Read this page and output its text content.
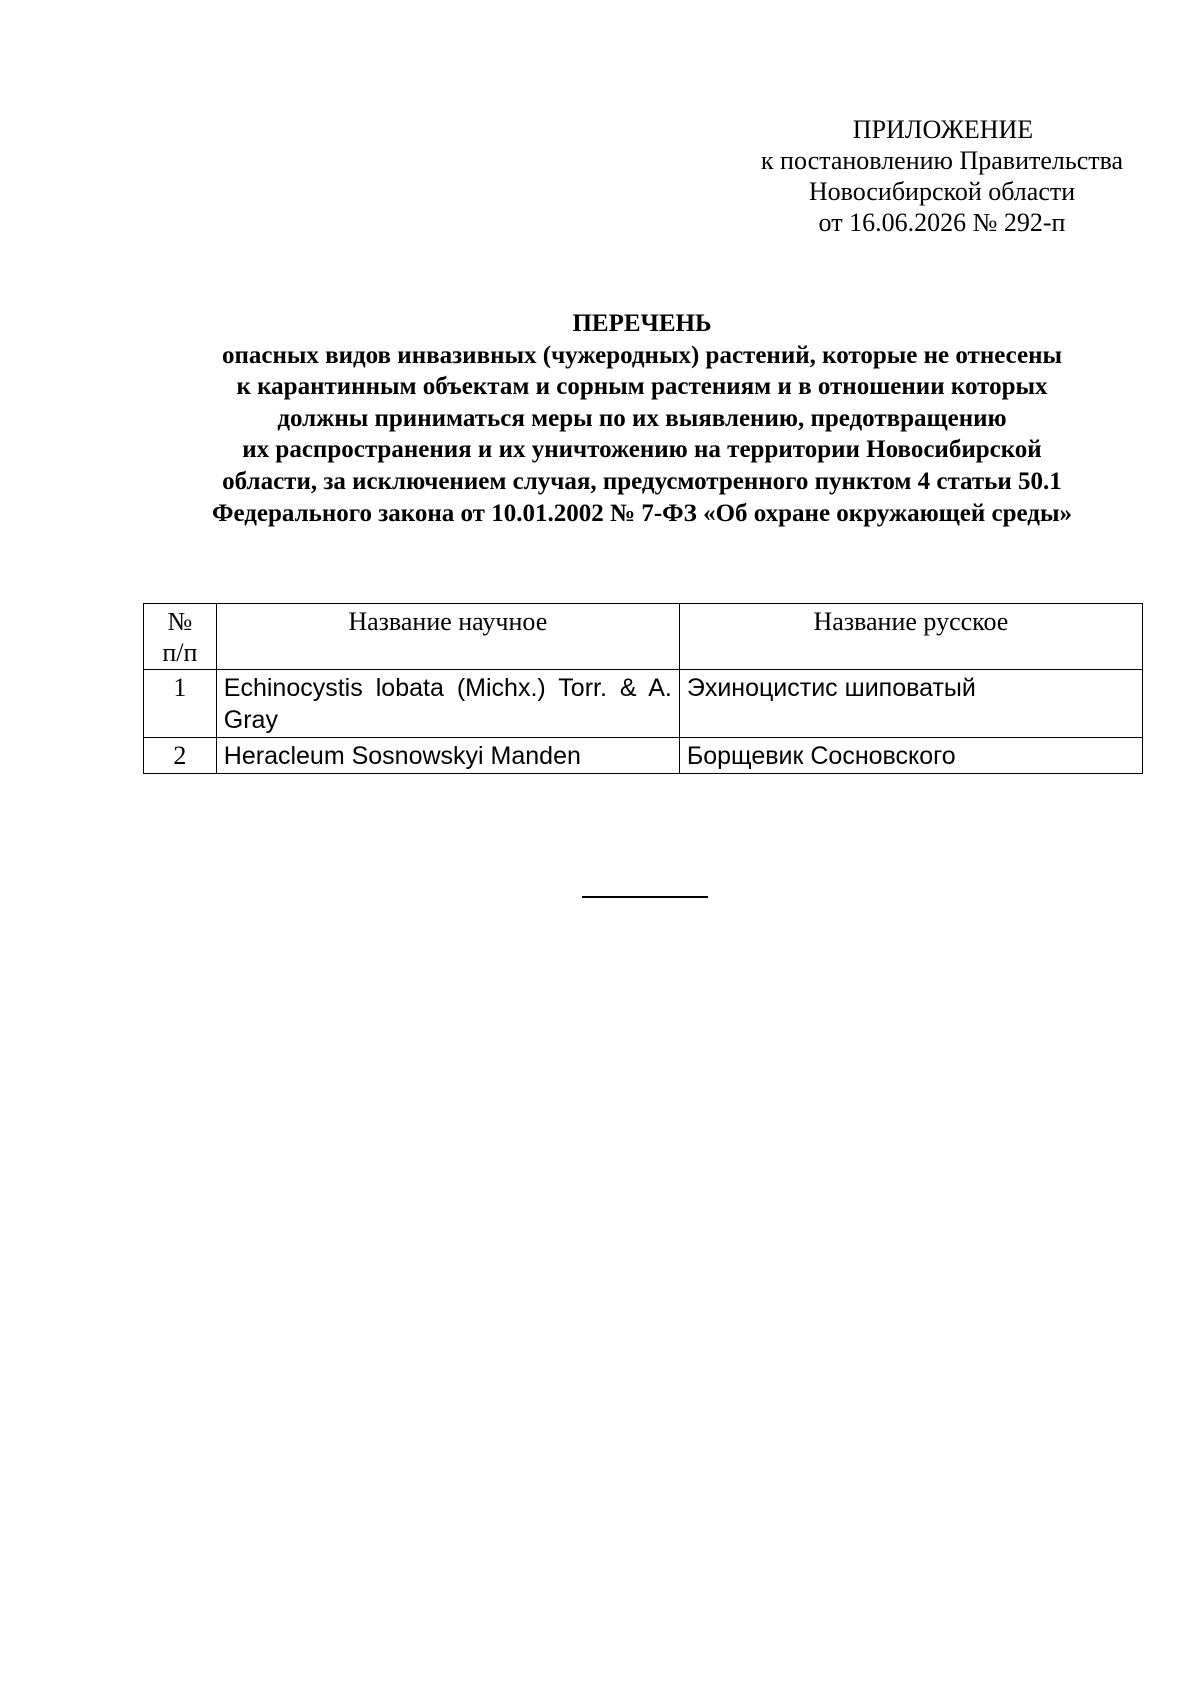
ПРИЛОЖЕНИЕ
к постановлению Правительства
Новосибирской области
от 16.06.2026 № 292-п
ПЕРЕЧЕНЬ
опасных видов инвазивных (чужеродных) растений, которые не отнесены
к карантинным объектам и сорным растениям и в отношении которых
должны приниматься меры по их выявлению, предотвращению
их распространения и их уничтожению на территории Новосибирской
области, за исключением случая, предусмотренного пунктом 4 статьи 50.1
Федерального закона от 10.01.2002 № 7-ФЗ «Об охране окружающей среды»
№
п/п	Название научное	Название русское
1	Echinocystis lobata (Michx.) Torr. & A. Gray	Эхиноцистис шиповатый
2	Heracleum Sosnowskyi Manden	Борщевик Сосновского
